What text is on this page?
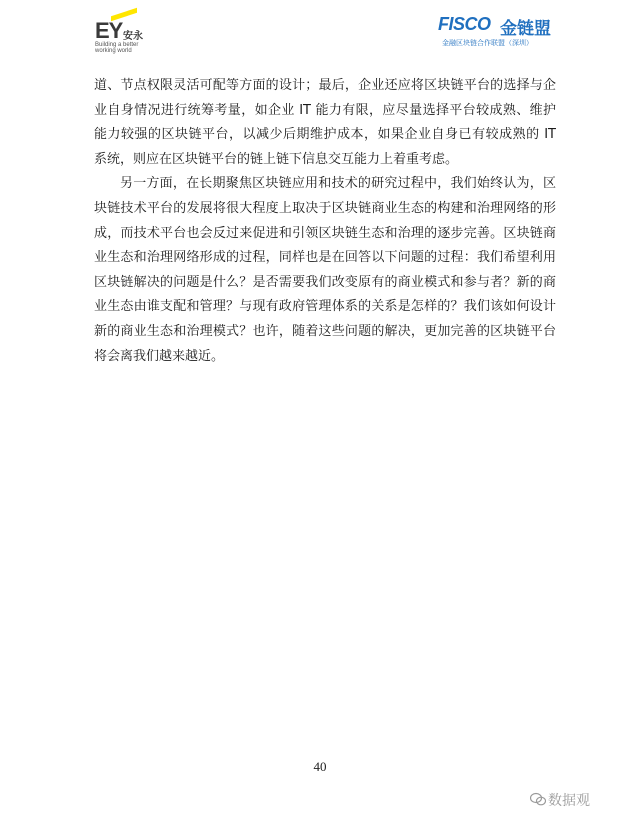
EY 安永
Building a better
working world
FISCO 金链盟
金融区块链合作联盟（深圳）

道、节点权限灵活可配等方面的设计；最后，企业还应将区块链平台的选择与企业自身情况进行统筹考量，如企业 IT 能力有限，应尽量选择平台较成熟、维护能力较强的区块链平台，以减少后期维护成本，如果企业自身已有较成熟的 IT 系统，则应在区块链平台的链上链下信息交互能力上着重考虑。

另一方面，在长期聚焦区块链应用和技术的研究过程中，我们始终认为，区块链技术平台的发展将很大程度上取决于区块链商业生态的构建和治理网络的形成，而技术平台也会反过来促进和引领区块链生态和治理的逐步完善。区块链商业生态和治理网络形成的过程，同样也是在回答以下问题的过程：我们希望利用区块链解决的问题是什么？是否需要我们改变原有的商业模式和参与者？新的商业生态由谁支配和管理？与现有政府管理体系的关系是怎样的？我们该如何设计新的商业生态和治理模式？也许，随着这些问题的解决，更加完善的区块链平台将会离我们越来越近。

40
数据观
